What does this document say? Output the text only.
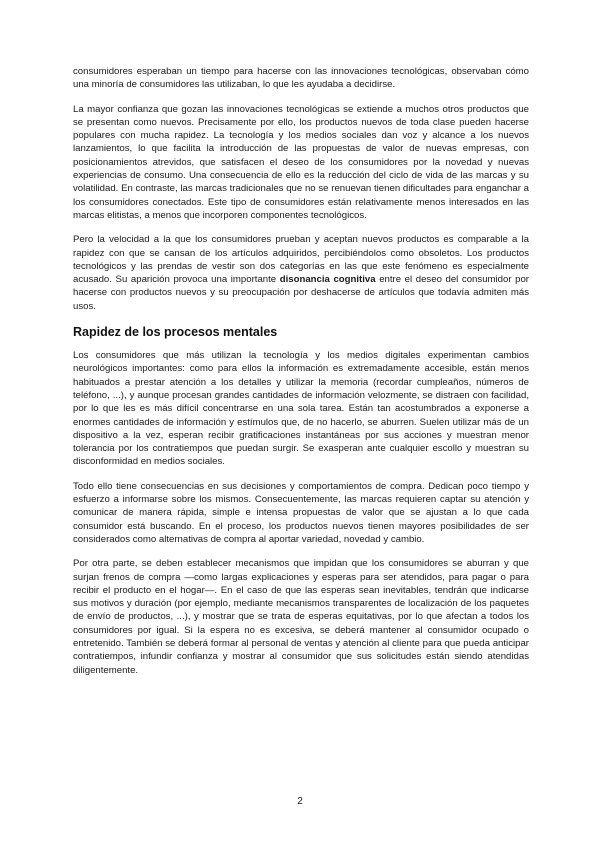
consumidores esperaban un tiempo para hacerse con las innovaciones tecnológicas, observaban cómo una minoría de consumidores las utilizaban, lo que les ayudaba a decidirse.

La mayor confianza que gozan las innovaciones tecnológicas se extiende a muchos otros productos que se presentan como nuevos. Precisamente por ello, los productos nuevos de toda clase pueden hacerse populares con mucha rapidez. La tecnología y los medios sociales dan voz y alcance a los nuevos lanzamientos, lo que facilita la introducción de las propuestas de valor de nuevas empresas, con posicionamientos atrevidos, que satisfacen el deseo de los consumidores por la novedad y nuevas experiencias de consumo. Una consecuencia de ello es la reducción del ciclo de vida de las marcas y su volatilidad. En contraste, las marcas tradicionales que no se renuevan tienen dificultades para enganchar a los consumidores conectados. Este tipo de consumidores están relativamente menos interesados en las marcas elitistas, a menos que incorporen componentes tecnológicos.

Pero la velocidad a la que los consumidores prueban y aceptan nuevos productos es comparable a la rapidez con que se cansan de los artículos adquiridos, percibiéndolos como obsoletos. Los productos tecnológicos y las prendas de vestir son dos categorías en las que este fenómeno es especialmente acusado. Su aparición provoca una importante disonancia cognitiva entre el deseo del consumidor por hacerse con productos nuevos y su preocupación por deshacerse de artículos que todavía admiten más usos.

Rapidez de los procesos mentales

Los consumidores que más utilizan la tecnología y los medios digitales experimentan cambios neurológicos importantes: como para ellos la información es extremadamente accesible, están menos habituados a prestar atención a los detalles y utilizar la memoria (recordar cumpleaños, números de teléfono, ...), y aunque procesan grandes cantidades de información velozmente, se distraen con facilidad, por lo que les es más difícil concentrarse en una sola tarea. Están tan acostumbrados a exponerse a enormes cantidades de información y estímulos que, de no hacerlo, se aburren. Suelen utilizar más de un dispositivo a la vez, esperan recibir gratificaciones instantáneas por sus acciones y muestran menor tolerancia por los contratiempos que puedan surgir. Se exasperan ante cualquier escollo y muestran su disconformidad en medios sociales.

Todo ello tiene consecuencias en sus decisiones y comportamientos de compra. Dedican poco tiempo y esfuerzo a informarse sobre los mismos. Consecuentemente, las marcas requieren captar su atención y comunicar de manera rápida, simple e intensa propuestas de valor que se ajustan a lo que cada consumidor está buscando. En el proceso, los productos nuevos tienen mayores posibilidades de ser considerados como alternativas de compra al aportar variedad, novedad y cambio.

Por otra parte, se deben establecer mecanismos que impidan que los consumidores se aburran y que surjan frenos de compra —como largas explicaciones y esperas para ser atendidos, para pagar o para recibir el producto en el hogar—. En el caso de que las esperas sean inevitables, tendrán que indicarse sus motivos y duración (por ejemplo, mediante mecanismos transparentes de localización de los paquetes de envío de productos, ...), y mostrar que se trata de esperas equitativas, por lo que afectan a todos los consumidores por igual. Si la espera no es excesiva, se deberá mantener al consumidor ocupado o entretenido. También se deberá formar al personal de ventas y atención al cliente para que pueda anticipar contratiempos, infundir confianza y mostrar al consumidor que sus solicitudes están siendo atendidas diligentemente.

2
